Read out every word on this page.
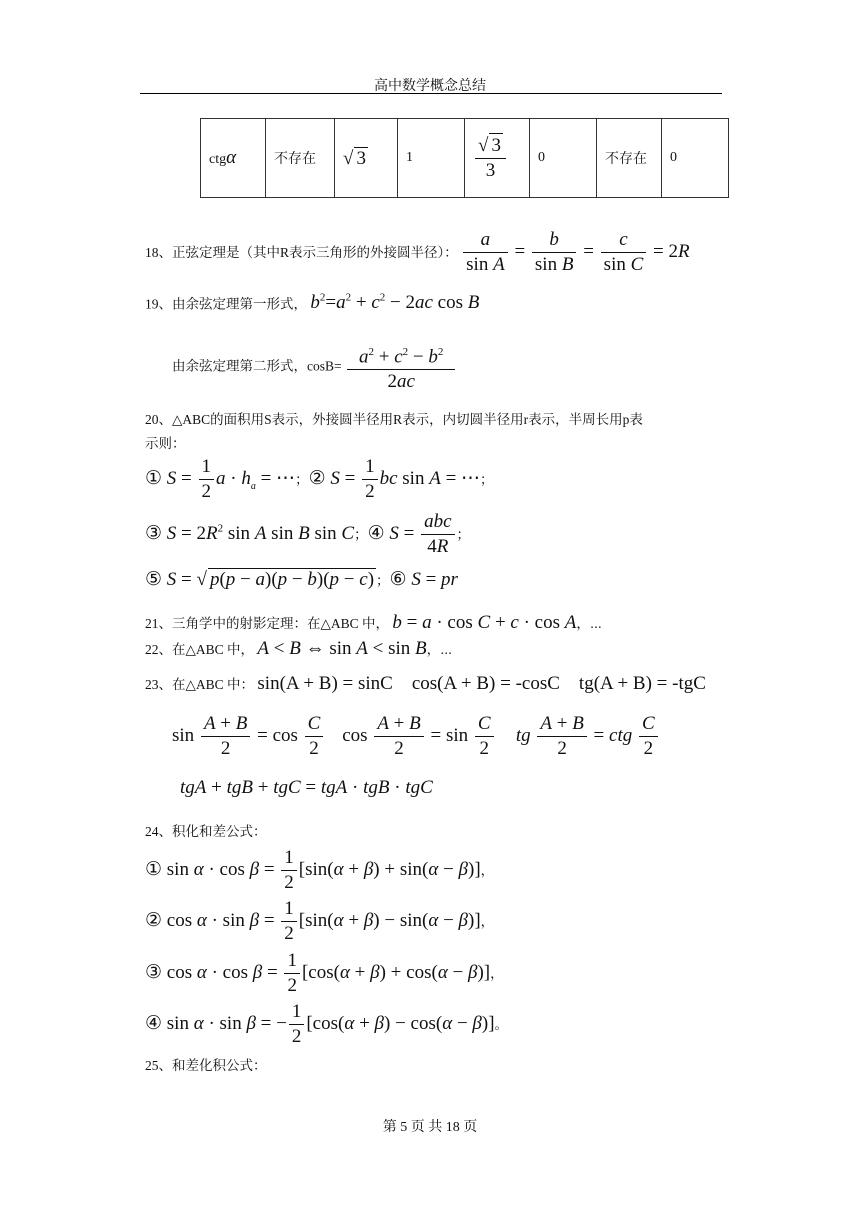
高中数学概念总结
ctgα	不存在	√ 3	1	$\frac{√ 3}{3}$	0	不存在	0
18、正弦定理是（其中R表示三角形的外接圆半径）： $\frac{a}{\text{sin A}} = \frac{b}{\text{sin B}} = \frac{c}{\text{sin C}} = 2R$
19、由余弦定理第一形式， $b^2=a^2 + c^2 - 2ac$ cos B
由余弦定理第二形式，$\cos B= \frac{a^2 + c^2 - b^2}{2ac}$
20、△ABC的面积用S表示，外接圆半径用R表示，内切圆半径用r表示，半周长用p表
示则：
① $S = \frac{1}{2}$ $a \cdot h_a$ = ⋯；② $S = \frac{1}{2}$ bc sin A = ⋯；
③ $S = 2R^2$ sin A sin B sin C；④ $S = \frac{\text{abc}}{4R}$ ；
⑤ S = √ p(p − a)(p − b)(p − c) ；⑥ S = pr
21、三角学中的射影定理：在△ABC 中， b = a · cos C + c · cos A，⋯
22、在△ABC 中， A < B ⇔ sin A < sin B，⋯
23、在△ABC 中： sin(A + B) = sinC    cos(A + B) = -cosC    tg(A + B) = -tgC
$\sin \frac{A + B}{2} = \cos \frac{C}{2}$ $\cos \frac{A + B}{2} = \sin \frac{C}{2}$ tg $\frac{A + B}{2}$ = ctg $\frac{C}{2}$
tgA + tgB + tgC = tgA · tgB · tgC
24、积化和差公式：
① $\sin \alpha \cdot \cos \beta = \frac{1}{2} [\sin(\alpha + \beta) + \sin(\alpha - \beta)]$，
② $\cos \alpha \cdot \sin \beta = \frac{1}{2} [\sin(\alpha + \beta) - \sin(\alpha - \beta)]$，
③ $\cos \alpha \cdot \cos \beta = \frac{1}{2} [\cos(\alpha + \beta) + \cos(\alpha - \beta)]$，
④ sin α · sin β = − $\frac{1}{2} [\cos(\alpha + \beta) - \cos(\alpha - \beta)]$。
25、和差化积公式：
第 5 页 共 18 页
